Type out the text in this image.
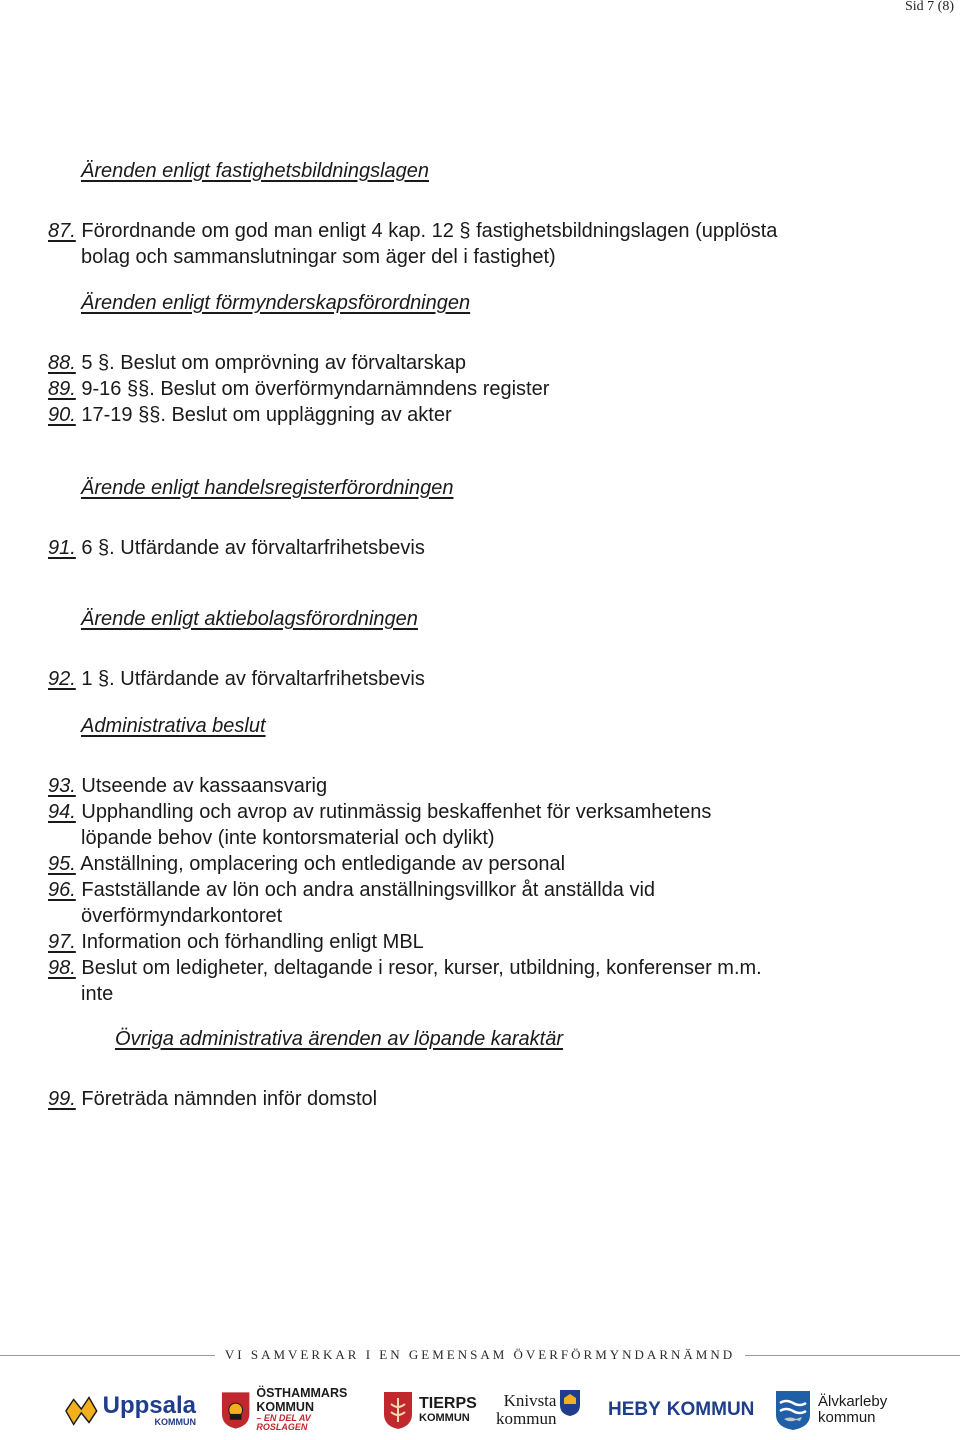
Sid 7 (8)
Ärenden enligt fastighetsbildningslagen
87. Förordnande om god man enligt 4 kap. 12 § fastighetsbildningslagen (upplösta
bolag och sammanslutningar som äger del i fastighet)
Ärenden enligt förmynderskapsförordningen
88. 5 §. Beslut om omprövning av förvaltarskap
89. 9-16 §§. Beslut om överförmyndarnämndens register
90. 17-19 §§. Beslut om uppläggning av akter
Ärende enligt handelsregisterförordningen
91. 6 §. Utfärdande av förvaltarfrihetsbevis
Ärende enligt aktiebolagsförordningen
92. 1 §. Utfärdande av förvaltarfrihetsbevis
Administrativa beslut
93. Utseende av kassaansvarig
94. Upphandling och avrop av rutinmässig beskaffenhet för verksamhetens
löpande behov (inte kontorsmaterial och dylikt)
95. Anställning, omplacering och entledigande av personal
96. Fastställande av lön och andra anställningsvillkor åt anställda vid
överförmyndarkontoret
97. Information och förhandling enligt MBL
98. Beslut om ledigheter, deltagande i resor, kurser, utbildning, konferenser m.m.
inte
Övriga administrativa ärenden av löpande karaktär
99. Företräda nämnden inför domstol
VI SAMVERKAR I EN GEMENSAM ÖVERFÖRMYNDARNÄMND
Uppsala
KOMMUN
ÖSTHAMMARS
KOMMUN
– EN DEL AV ROSLAGEN
TIERPS
KOMMUN
Knivsta
kommun	HEBY KOMMUN	Älvkarleby
kommun
